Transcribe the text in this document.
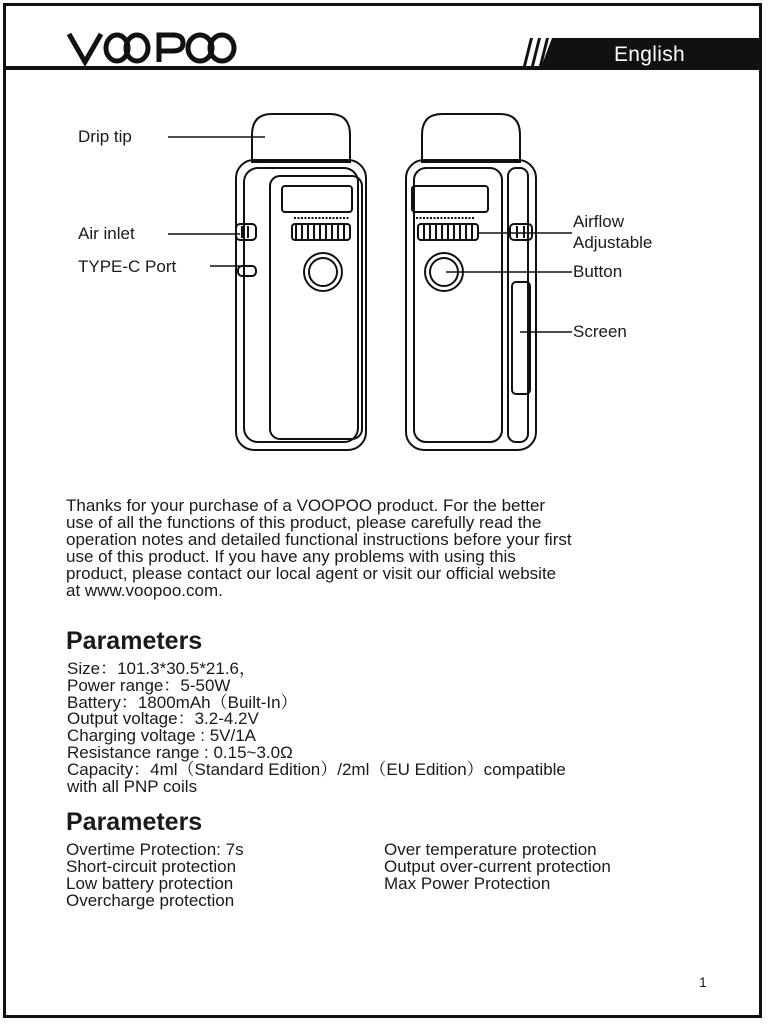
English
Drip tip
Air inlet
TYPE-C Port
Airflow
Adjustable
Button
Screen

Thanks for your purchase of a VOOPOO product. For the better

use of all the functions of this product, please carefully read the

operation notes and detailed functional instructions before your first

use of this product. If you have any problems with using this

product, please contact our local agent or visit our official website

at www.voopoo.com.

Parameters
Size：101.3*30.5*21.6，
Power range：5-50W
Battery：1800mAh（Built-In）
Output voltage：3.2-4.2V
Charging voltage : 5V/1A
Resistance range : 0.15~3.0Ω
Capacity：4ml（Standard Edition）/2ml（EU Edition）compatible
with all PNP coils
Parameters
Overtime Protection: 7s
Short-circuit protection
Low battery protection
Overcharge protection
Over temperature protection
Output over-current protection
Max Power Protection
1
